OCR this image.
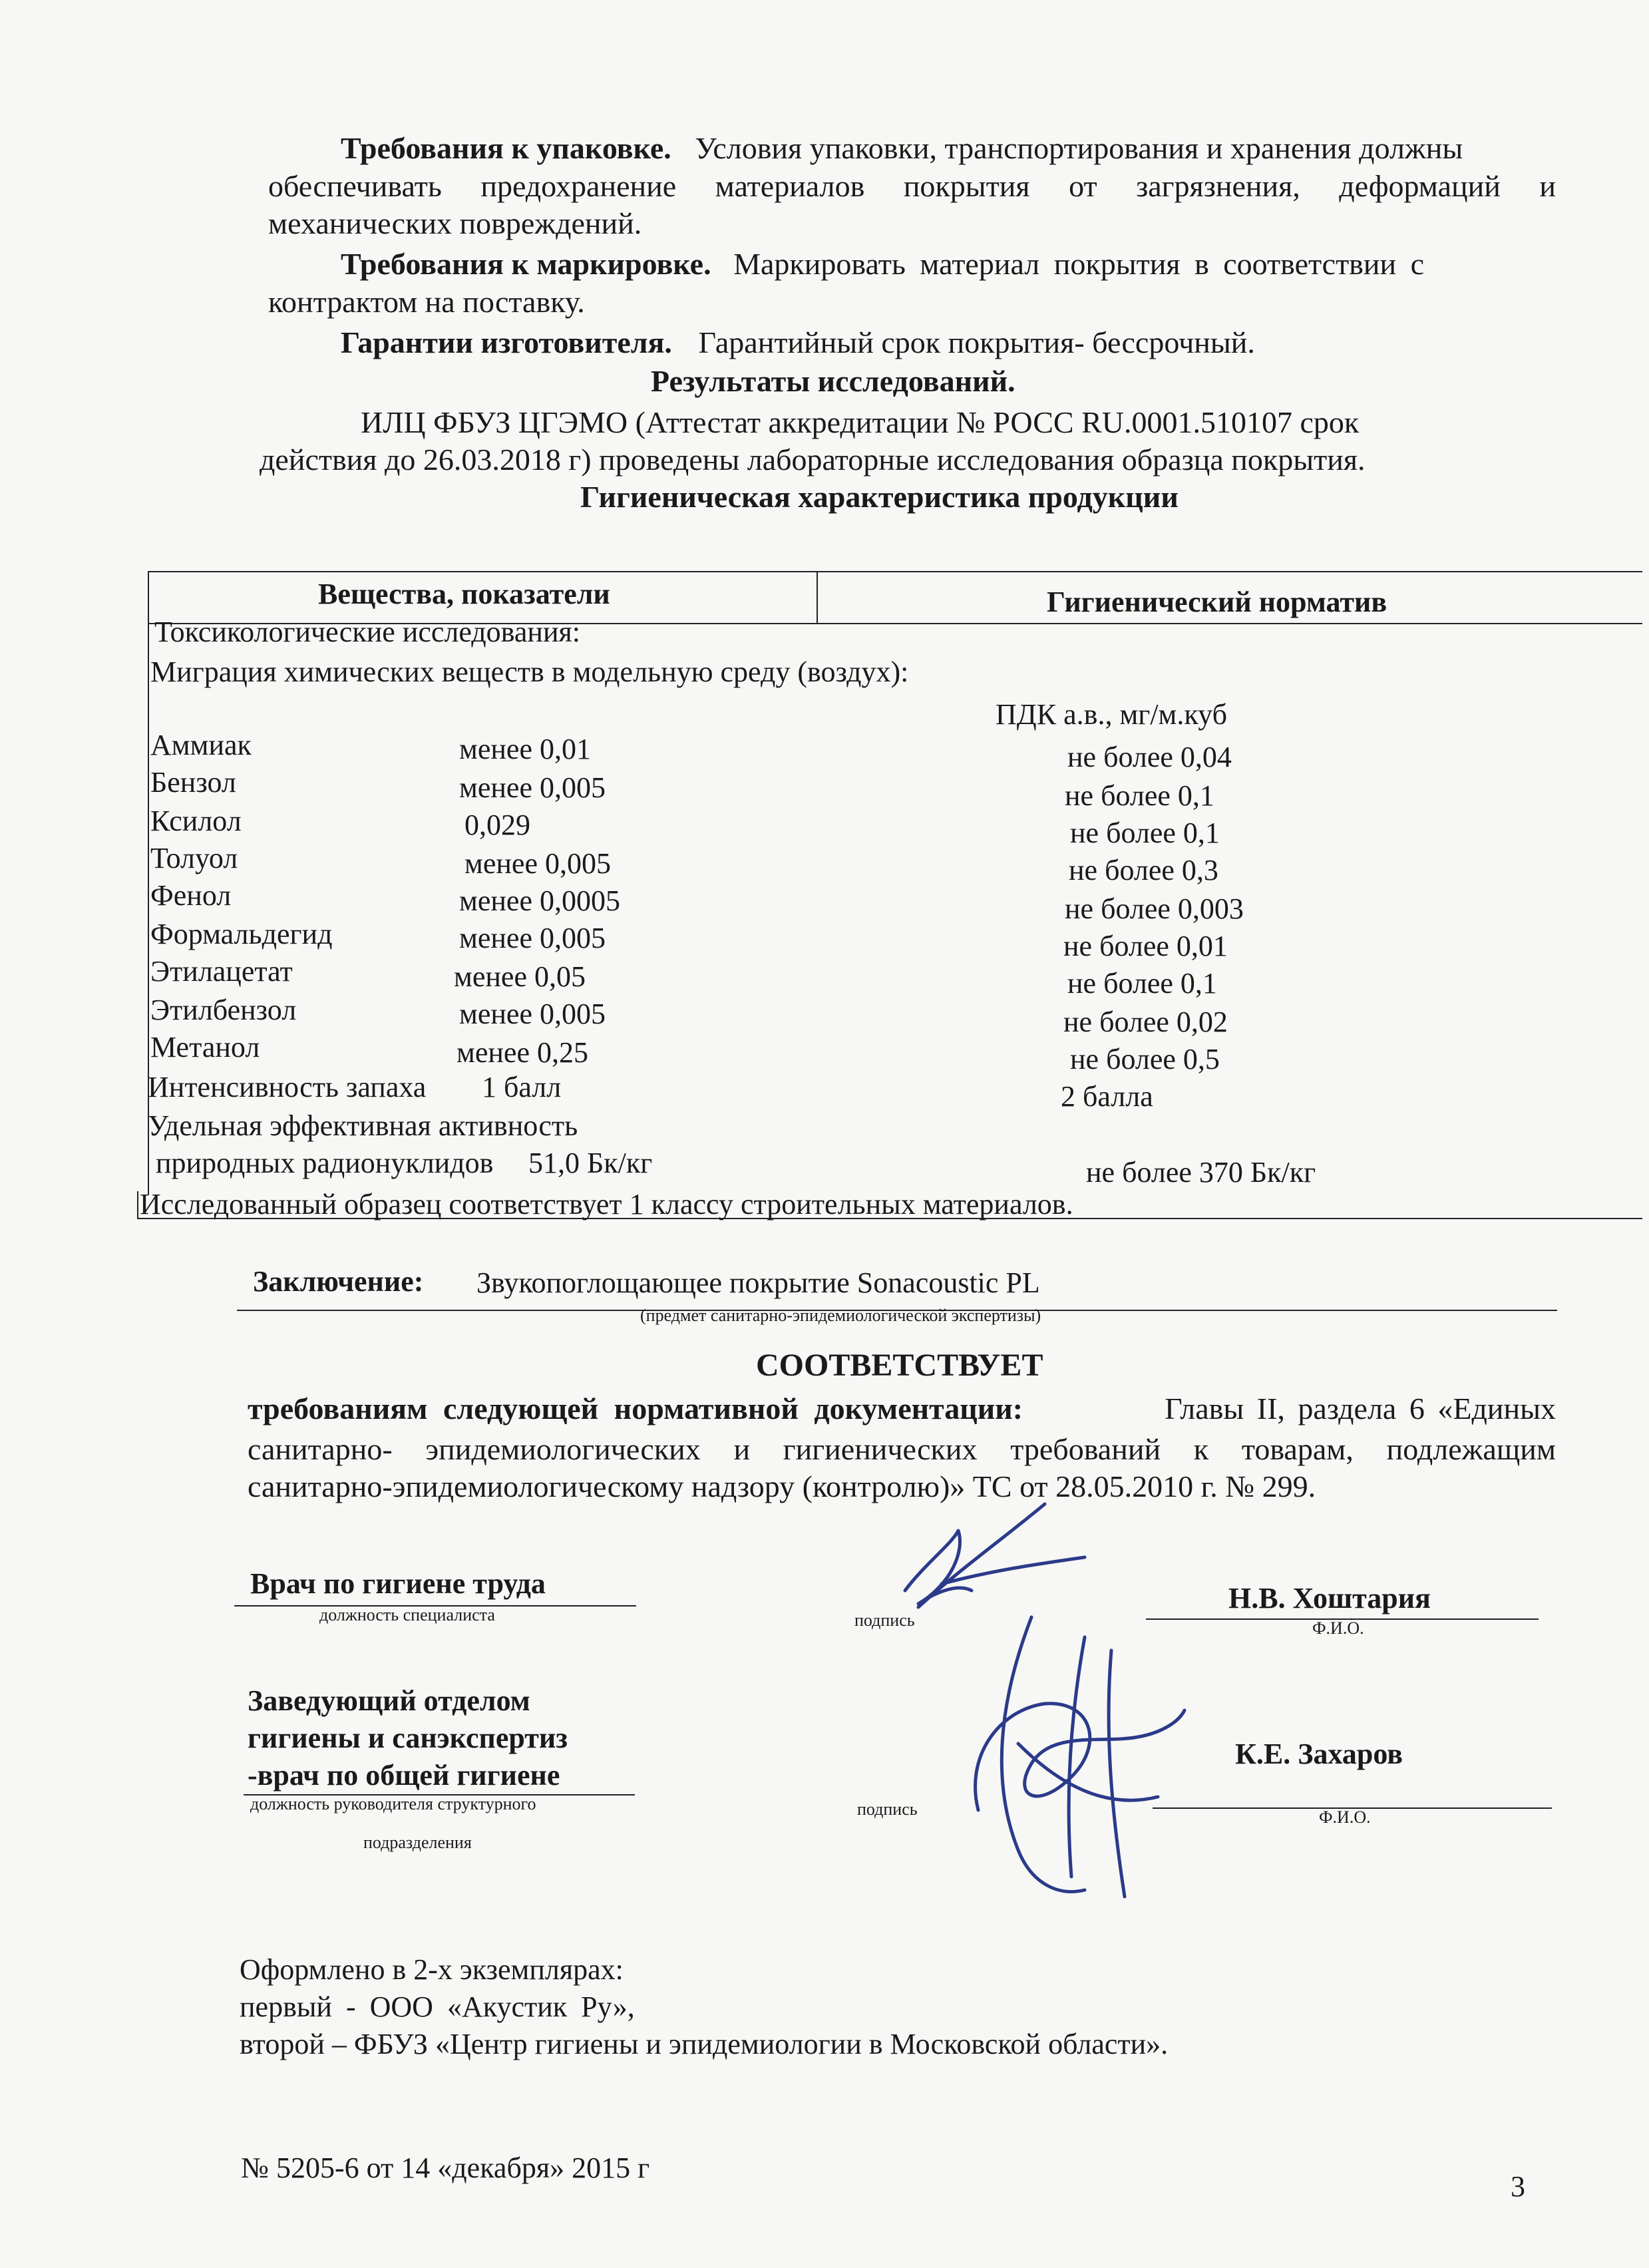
Требования к упаковке. Условия упаковки, транспортирования и хранения должны
обеспечивать предохранение материалов покрытия от загрязнения, деформаций и
механических повреждений.
Требования к маркировке. Маркировать материал покрытия в соответствии с
контрактом на поставку.
Гарантии изготовителя. Гарантийный срок покрытия- бессрочный.
Результаты исследований.
ИЛЦ ФБУЗ ЦГЭМО (Аттестат аккредитации № РОСС RU.0001.510107 срок
действия до 26.03.2018 г) проведены лабораторные исследования образца покрытия.
Гигиеническая характеристика продукции
Вещества, показатели	Гигиенический норматив
Токсикологические исследования:
Миграция химических веществ в модельную среду (воздух):
ПДК а.в., мг/м.куб
Аммиак	менее 0,01	не более 0,04
Бензол	менее 0,005	не более 0,1
Ксилол	0,029	не более 0,1
Толуол	менее 0,005	не более 0,3
Фенол	менее 0,0005	не более 0,003
Формальдегид	менее 0,005	не более 0,01
Этилацетат	менее 0,05	не более 0,1
Этилбензол	менее 0,005	не более 0,02
Метанол	менее 0,25	не более 0,5
Интенсивность запаха 1 балл	2 балла
Удельная эффективная активность
природных радионуклидов 51,0 Бк/кг	не более 370 Бк/кг
Исследованный образец соответствует 1 классу строительных материалов.
Заключение: Звукопоглощающее покрытие Sonacoustic PL
(предмет санитарно-эпидемиологической экспертизы)
СООТВЕТСТВУЕТ
требованиям следующей нормативной документации:	Главы II, раздела 6 «Единых
санитарно- эпидемиологических и гигиенических требований к товарам, подлежащим
санитарно-эпидемиологическому надзору (контролю)» ТС от 28.05.2010 г. № 299.
Врач по гигиене труда
должность специалиста	подпись
Н.В. Хоштария
Ф.И.О.
Заведующий отделом
гигиены и санэкспертиз
-врач по общей гигиене
должность руководителя структурного
подразделения
подпись
К.Е. Захаров
Ф.И.О.
Оформлено в 2-х экземплярах:
первый - ООО «Акустик Ру»,
второй – ФБУЗ «Центр гигиены и эпидемиологии в Московской области».
№ 5205-6 от 14 «декабря» 2015 г
3
